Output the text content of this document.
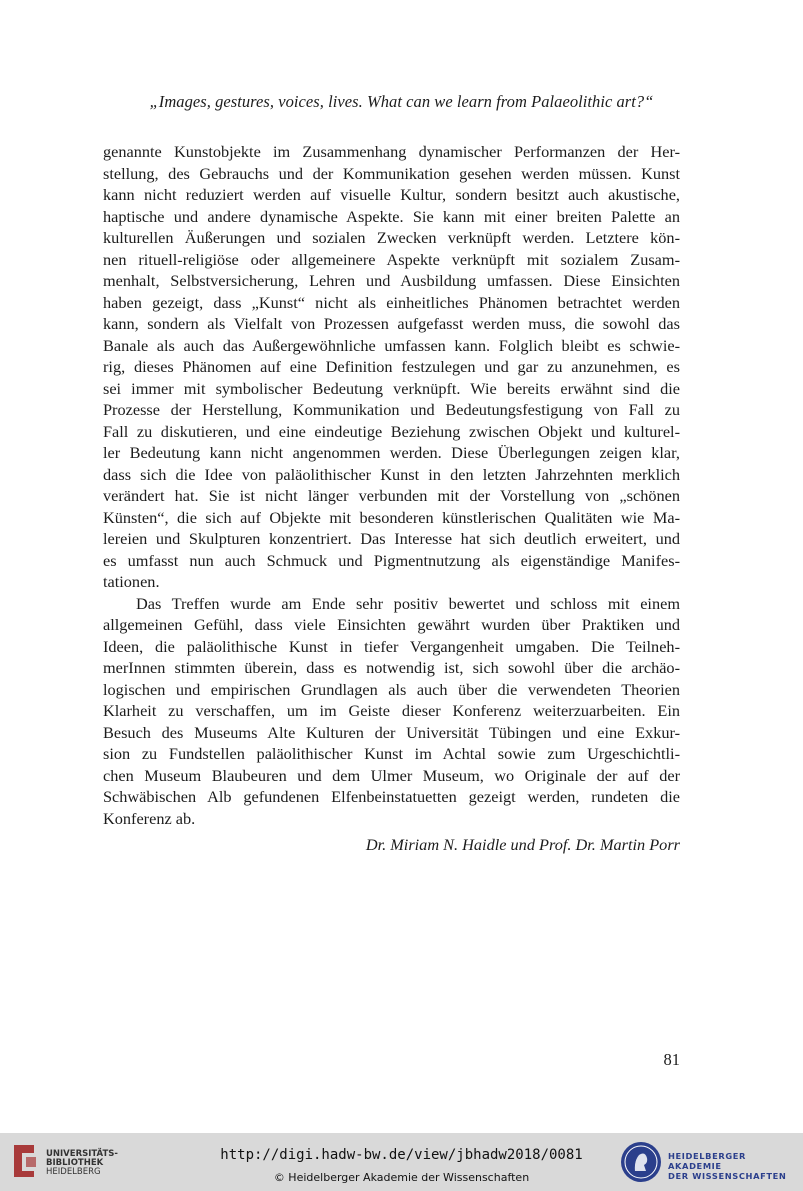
„Images, gestures, voices, lives. What can we learn from Palaeolithic art?“
genannte Kunstobjekte im Zusammenhang dynamischer Performanzen der Her-
stellung, des Gebrauchs und der Kommunikation gesehen werden müssen. Kunst
kann nicht reduziert werden auf visuelle Kultur, sondern besitzt auch akustische,
haptische und andere dynamische Aspekte. Sie kann mit einer breiten Palette an
kulturellen Äußerungen und sozialen Zwecken verknüpft werden. Letztere kön-
nen rituell-religiöse oder allgemeinere Aspekte verknüpft mit sozialem Zusam-
menhalt, Selbstversicherung, Lehren und Ausbildung umfassen. Diese Einsichten
haben gezeigt, dass „Kunst“ nicht als einheitliches Phänomen betrachtet werden
kann, sondern als Vielfalt von Prozessen aufgefasst werden muss, die sowohl das
Banale als auch das Außergewöhnliche umfassen kann. Folglich bleibt es schwie-
rig, dieses Phänomen auf eine Definition festzulegen und gar zu anzunehmen, es
sei immer mit symbolischer Bedeutung verknüpft. Wie bereits erwähnt sind die
Prozesse der Herstellung, Kommunikation und Bedeutungsfestigung von Fall zu
Fall zu diskutieren, und eine eindeutige Beziehung zwischen Objekt und kulturel-
ler Bedeutung kann nicht angenommen werden. Diese Überlegungen zeigen klar,
dass sich die Idee von paläolithischer Kunst in den letzten Jahrzehnten merklich
verändert hat. Sie ist nicht länger verbunden mit der Vorstellung von „schönen
Künsten“, die sich auf Objekte mit besonderen künstlerischen Qualitäten wie Ma-
lereien und Skulpturen konzentriert. Das Interesse hat sich deutlich erweitert, und
es umfasst nun auch Schmuck und Pigmentnutzung als eigenständige Manifes-
tationen.
Das Treffen wurde am Ende sehr positiv bewertet und schloss mit einem
allgemeinen Gefühl, dass viele Einsichten gewährt wurden über Praktiken und
Ideen, die paläolithische Kunst in tiefer Vergangenheit umgaben. Die Teilneh-
merInnen stimmten überein, dass es notwendig ist, sich sowohl über die archäo-
logischen und empirischen Grundlagen als auch über die verwendeten Theorien
Klarheit zu verschaffen, um im Geiste dieser Konferenz weiterzuarbeiten. Ein
Besuch des Museums Alte Kulturen der Universität Tübingen und eine Exkur-
sion zu Fundstellen paläolithischer Kunst im Achtal sowie zum Urgeschichtli-
chen Museum Blaubeuren und dem Ulmer Museum, wo Originale der auf der
Schwäbischen Alb gefundenen Elfenbeinstatuetten gezeigt werden, rundeten die
Konferenz ab.
Dr. Miriam N. Haidle und Prof. Dr. Martin Porr
81
UNIVERSITÄTS-
BIBLIOTHEK
HEIDELBERG
http://digi.hadw-bw.de/view/jbhadw2018/0081
© Heidelberger Akademie der Wissenschaften
HEIDELBERGER AKADEMIE
DER WISSENSCHAFTEN
